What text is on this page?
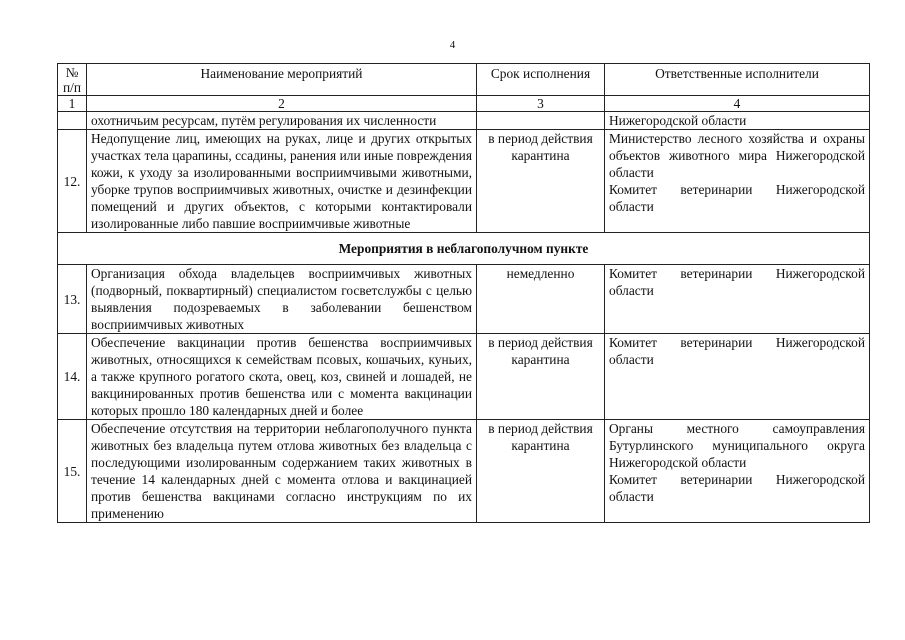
4
№
п/п	Наименование мероприятий	Срок исполнения	Ответственные исполнители
1	2	3	4
	охотничьим ресурсам, путём регулирования их численности		Нижегородской области

12.	Недопущение лиц, имеющих на руках, лице и других открытых участках тела царапины, ссадины, ранения или иные повреждения кожи, к уходу за изолированными восприимчивыми животными, уборке трупов восприимчивых животных, очистке и дезинфекции помещений и других объектов, с которыми контактировали изолированные либо павшие восприимчивые животные	в период действия карантина	Министерство лесного хозяйства и охраны объектов животного мира Нижегородской области
Комитет ветеринарии Нижегородской области

Мероприятия в неблагополучном пункте			
13.	Организация обхода владельцев восприимчивых животных (подворный, поквартирный) специалистом госветслужбы с целью выявления подозреваемых в заболевании бешенством восприимчивых животных	немедленно	Комитет ветеринарии Нижегородской области

14.	Обеспечение вакцинации против бешенства восприимчивых животных, относящихся к семействам псовых, кошачьих, куньих, а также крупного рогатого скота, овец, коз, свиней и лошадей, не вакцинированных против бешенства или с момента вакцинации которых прошло 180 календарных дней и более	в период действия карантина	Комитет ветеринарии Нижегородской области

15.	Обеспечение отсутствия на территории неблагополучного пункта животных без владельца путем отлова животных без владельца с последующими изолированным содержанием таких животных в течение 14 календарных дней с момента отлова и вакцинацией против бешенства вакцинами согласно инструкциям по их применению	в период действия карантина	Органы местного самоуправления Бутурлинского муниципального округа Нижегородской области
Комитет ветеринарии Нижегородской области
